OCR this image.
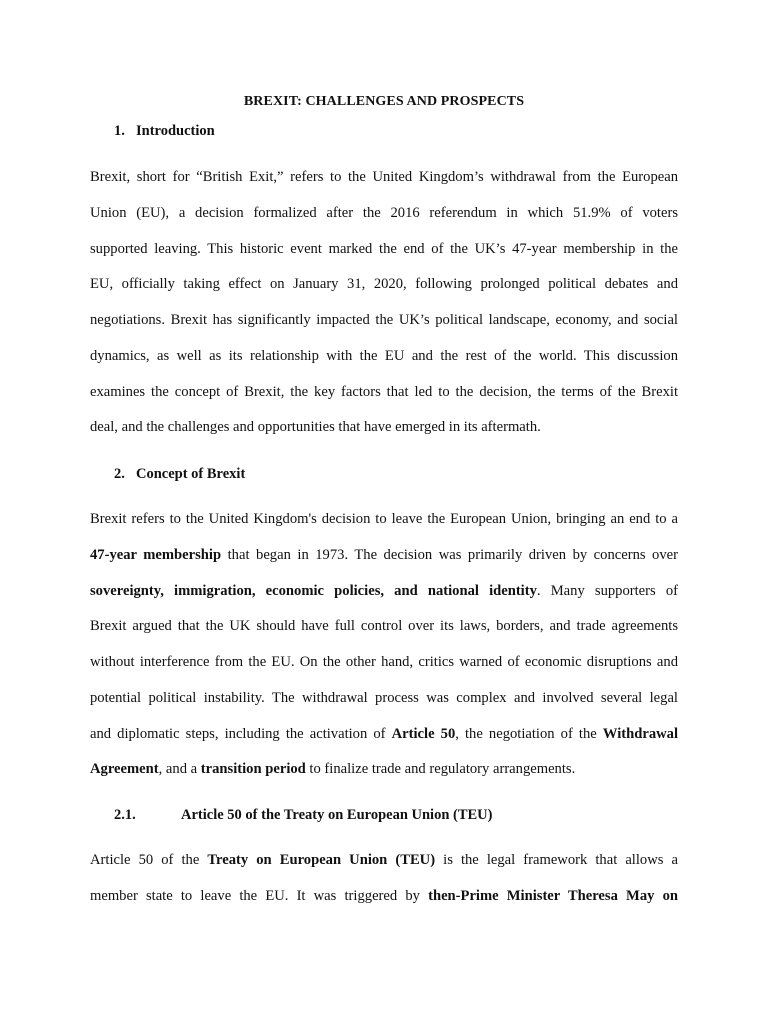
BREXIT: CHALLENGES AND PROSPECTS
1. Introduction
Brexit, short for “British Exit,” refers to the United Kingdom’s withdrawal from the European
Union (EU), a decision formalized after the 2016 referendum in which 51.9% of voters
supported leaving. This historic event marked the end of the UK’s 47-year membership in the
EU, officially taking effect on January 31, 2020, following prolonged political debates and
negotiations. Brexit has significantly impacted the UK’s political landscape, economy, and social
dynamics, as well as its relationship with the EU and the rest of the world. This discussion
examines the concept of Brexit, the key factors that led to the decision, the terms of the Brexit
deal, and the challenges and opportunities that have emerged in its aftermath.
2. Concept of Brexit
Brexit refers to the United Kingdom's decision to leave the European Union, bringing an end to a
47-year membership that began in 1973. The decision was primarily driven by concerns over
sovereignty, immigration, economic policies, and national identity. Many supporters of
Brexit argued that the UK should have full control over its laws, borders, and trade agreements
without interference from the EU. On the other hand, critics warned of economic disruptions and
potential political instability. The withdrawal process was complex and involved several legal
and diplomatic steps, including the activation of Article 50, the negotiation of the Withdrawal
Agreement, and a transition period to finalize trade and regulatory arrangements.
2.1.	Article 50 of the Treaty on European Union (TEU)
Article 50 of the Treaty on European Union (TEU) is the legal framework that allows a
member state to leave the EU. It was triggered by then-Prime Minister Theresa May on
